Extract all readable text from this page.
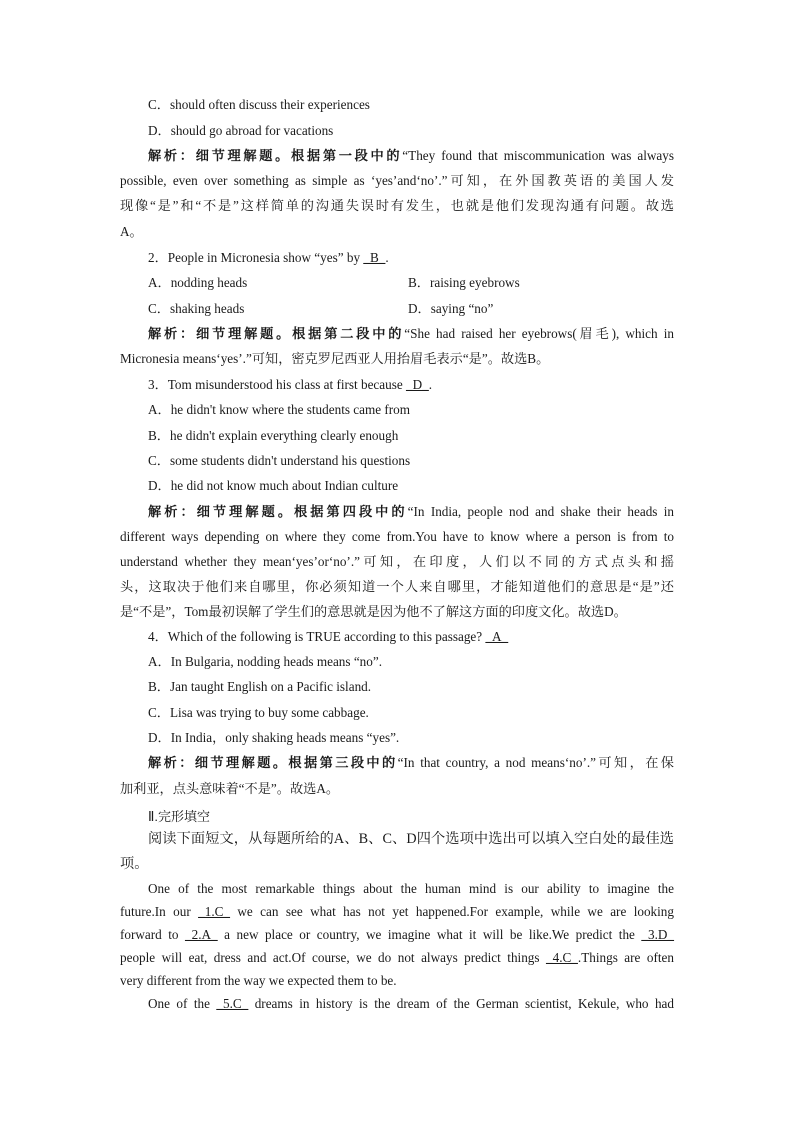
C．should often discuss their experiences
D．should go abroad for vacations
解析：细节理解题。根据第一段中的“They found that miscommunication was always
possible, even over something as simple as ‘yes’and‘no’.”可知，在外国教英语的美国人发
现像“是”和“不是”这样简单的沟通失误时有发生，也就是他们发现沟通有问题。故选
A。
2．People in Micronesia show “yes” by _B_.
A．nodding heads	B．raising eyebrows
C．shaking heads	D．saying “no”
解析：细节理解题。根据第二段中的“She had raised her eyebrows(眉毛), which in
Micronesia means‘yes’.”可知，密克罗尼西亚人用抬眉毛表示“是”。故选B。
3．Tom misunderstood his class at first because _D_.
A．he didn't know where the students came from
B．he didn't explain everything clearly enough
C．some students didn't understand his questions
D．he did not know much about Indian culture
解析：细节理解题。根据第四段中的“In India, people nod and shake their heads in
different ways depending on where they come from.You have to know where a person is from to
understand whether they mean‘yes’or‘no’.”可知，在印度，人们以不同的方式点头和摇
头，这取决于他们来自哪里，你必须知道一个人来自哪里，才能知道他们的意思是“是”还
是“不是”，Tom最初误解了学生们的意思就是因为他不了解这方面的印度文化。故选D。
4．Which of the following is TRUE according to this passage? _A_
A．In Bulgaria, nodding heads means “no”.
B．Jan taught English on a Pacific island.
C．Lisa was trying to buy some cabbage.
D．In India，only shaking heads means “yes”.
解析：细节理解题。根据第三段中的“In that country, a nod means‘no’.”可知，在保
加利亚，点头意味着“不是”。故选A。
Ⅱ.完形填空
阅读下面短文，从每题所给的A、B、C、D四个选项中选出可以填入空白处的最佳选
项。
One of the most remarkable things about the human mind is our ability to imagine the
future.In our _1.C_ we can see what has not yet happened.For example, while we are looking
forward to _2.A_ a new place or country, we imagine what it will be like.We predict the _3.D_
people will eat, dress and act.Of course, we do not always predict things _4.C_.Things are often
very different from the way we expected them to be.
One of the _5.C_ dreams in history is the dream of the German scientist, Kekule, who had
